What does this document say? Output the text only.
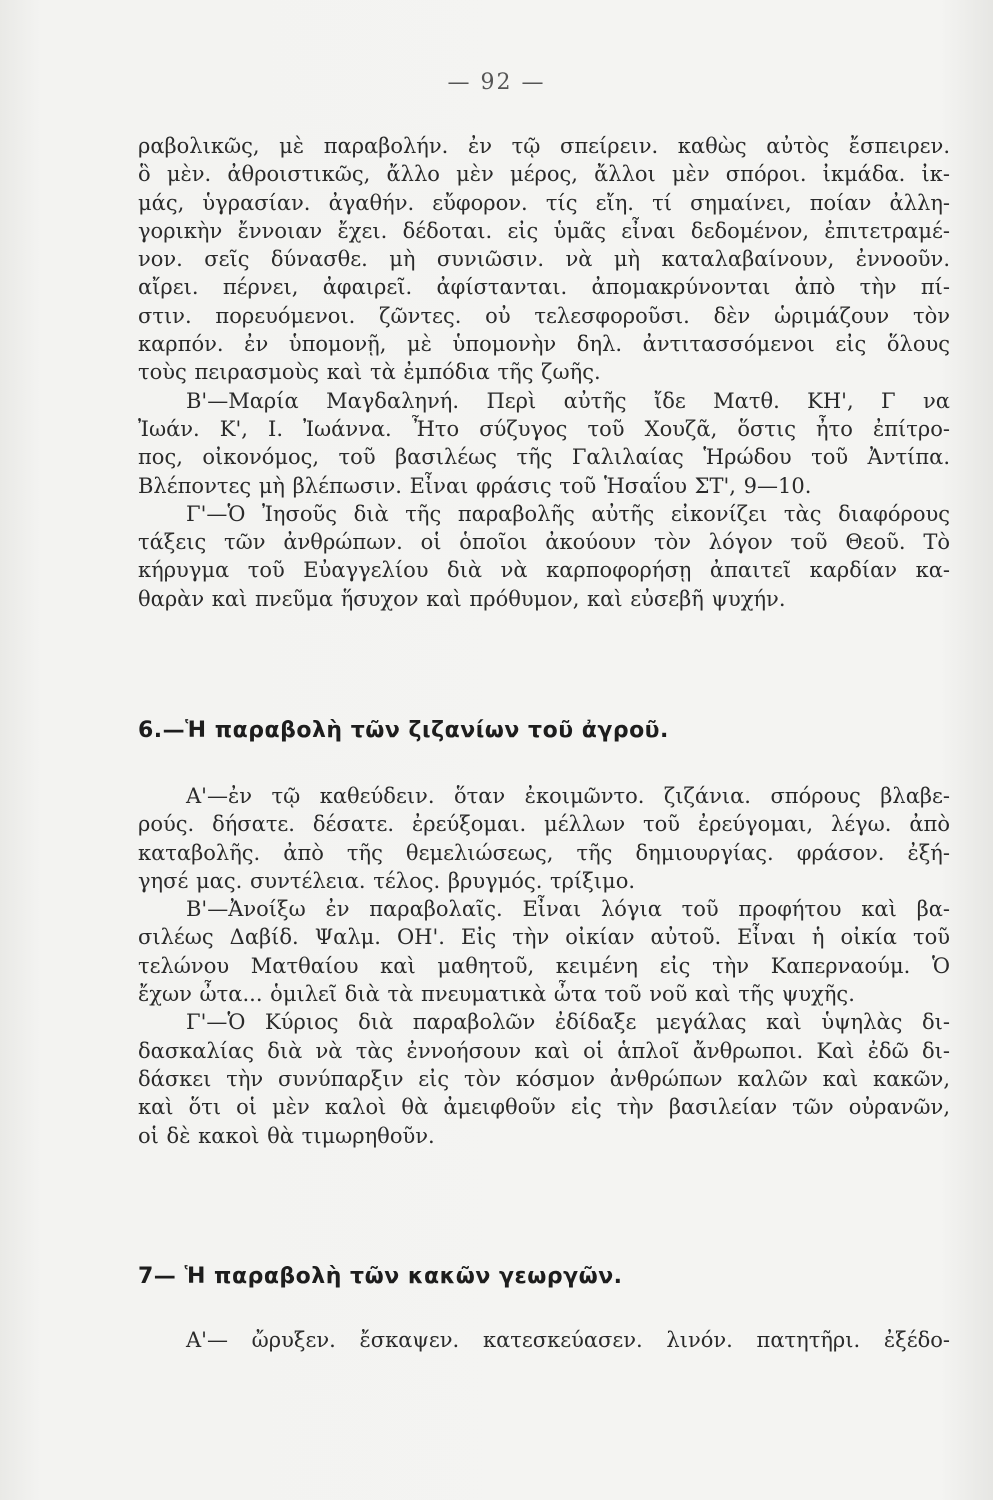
— 92 —
ραβολικῶς, μὲ παραβολήν. ἐν τῷ σπείρειν. καθὼς αὐτὸς ἔσπειρεν.
ὃ μὲν. ἀθροιστικῶς, ἄλλο μὲν μέρος, ἄλλοι μὲν σπόροι. ἰκμάδα. ἰκ-
μάς, ὑγρασίαν. ἀγαθήν. εὔφορον. τίς εἴη. τί σημαίνει, ποίαν ἀλλη-
γορικὴν ἔννοιαν ἔχει. δέδοται. εἰς ὑμᾶς εἶναι δεδομένον, ἐπιτετραμέ-
νον. σεῖς δύνασθε. μὴ συνιῶσιν. νὰ μὴ καταλαβαίνουν, ἐννοοῦν.
αἴρει. πέρνει, ἀφαιρεῖ. ἀφίστανται. ἀπομακρύνονται ἀπὸ τὴν πί-
στιν. πορευόμενοι. ζῶντες. οὐ τελεσφοροῦσι. δὲν ὡριμάζουν τὸν
καρπόν. ἐν ὑπομονῇ, μὲ ὑπομονὴν δηλ. ἀντιτασσόμενοι εἰς ὅλους
τοὺς πειρασμοὺς καὶ τὰ ἐμπόδια τῆς ζωῆς.
Β'—Μαρία Μαγδαληνή. Περὶ αὐτῆς ἴδε Ματθ. ΚΗ', Γ να
Ἰωάν. Κ', Ι. Ἰωάννα. Ἦτο σύζυγος τοῦ Χουζᾶ, ὅστις ἦτο ἐπίτρο-
πος, οἰκονόμος, τοῦ βασιλέως τῆς Γαλιλαίας Ἡρώδου τοῦ Ἀντίπα.
Βλέποντες μὴ βλέπωσιν. Εἶναι φράσις τοῦ Ἡσαΐου ΣΤ', 9—10.
Γ'—Ὁ Ἰησοῦς διὰ τῆς παραβολῆς αὐτῆς εἰκονίζει τὰς διαφόρους
τάξεις τῶν ἀνθρώπων. οἱ ὁποῖοι ἀκούουν τὸν λόγον τοῦ Θεοῦ. Τὸ
κήρυγμα τοῦ Εὐαγγελίου διὰ νὰ καρποφορήσῃ ἀπαιτεῖ καρδίαν κα-
θαρὰν καὶ πνεῦμα ἥσυχον καὶ πρόθυμον, καὶ εὐσεβῆ ψυχήν.
6.—Ἡ παραβολὴ τῶν ζιζανίων τοῦ ἀγροῦ.
Α'—ἐν τῷ καθεύδειν. ὅταν ἐκοιμῶντο. ζιζάνια. σπόρους βλαβε-
ρούς. δήσατε. δέσατε. ἐρεύξομαι. μέλλων τοῦ ἐρεύγομαι, λέγω. ἀπὸ
καταβολῆς. ἀπὸ τῆς θεμελιώσεως, τῆς δημιουργίας. φράσον. ἐξή-
γησέ μας. συντέλεια. τέλος. βρυγμός. τρίξιμο.
Β'—Ἀνοίξω ἐν παραβολαῖς. Εἶναι λόγια τοῦ προφήτου καὶ βα-
σιλέως Δαβίδ. Ψαλμ. ΟΗ'. Εἰς τὴν οἰκίαν αὐτοῦ. Εἶναι ἡ οἰκία τοῦ
τελώνου Ματθαίου καὶ μαθητοῦ, κειμένη εἰς τὴν Καπερναούμ. Ὁ
ἔχων ὦτα... ὁμιλεῖ διὰ τὰ πνευματικὰ ὦτα τοῦ νοῦ καὶ τῆς ψυχῆς.
Γ'—Ὁ Κύριος διὰ παραβολῶν ἐδίδαξε μεγάλας καὶ ὑψηλὰς δι-
δασκαλίας διὰ νὰ τὰς ἐννοήσουν καὶ οἱ ἁπλοῖ ἄνθρωποι. Καὶ ἐδῶ δι-
δάσκει τὴν συνύπαρξιν εἰς τὸν κόσμον ἀνθρώπων καλῶν καὶ κακῶν,
καὶ ὅτι οἱ μὲν καλοὶ θὰ ἀμειφθοῦν εἰς τὴν βασιλείαν τῶν οὐρανῶν,
οἱ δὲ κακοὶ θὰ τιμωρηθοῦν.
7— Ἡ παραβολὴ τῶν κακῶν γεωργῶν.
Α'— ὤρυξεν. ἔσκαψεν. κατεσκεύασεν. λινόν. πατητῆρι. ἐξέδο-
